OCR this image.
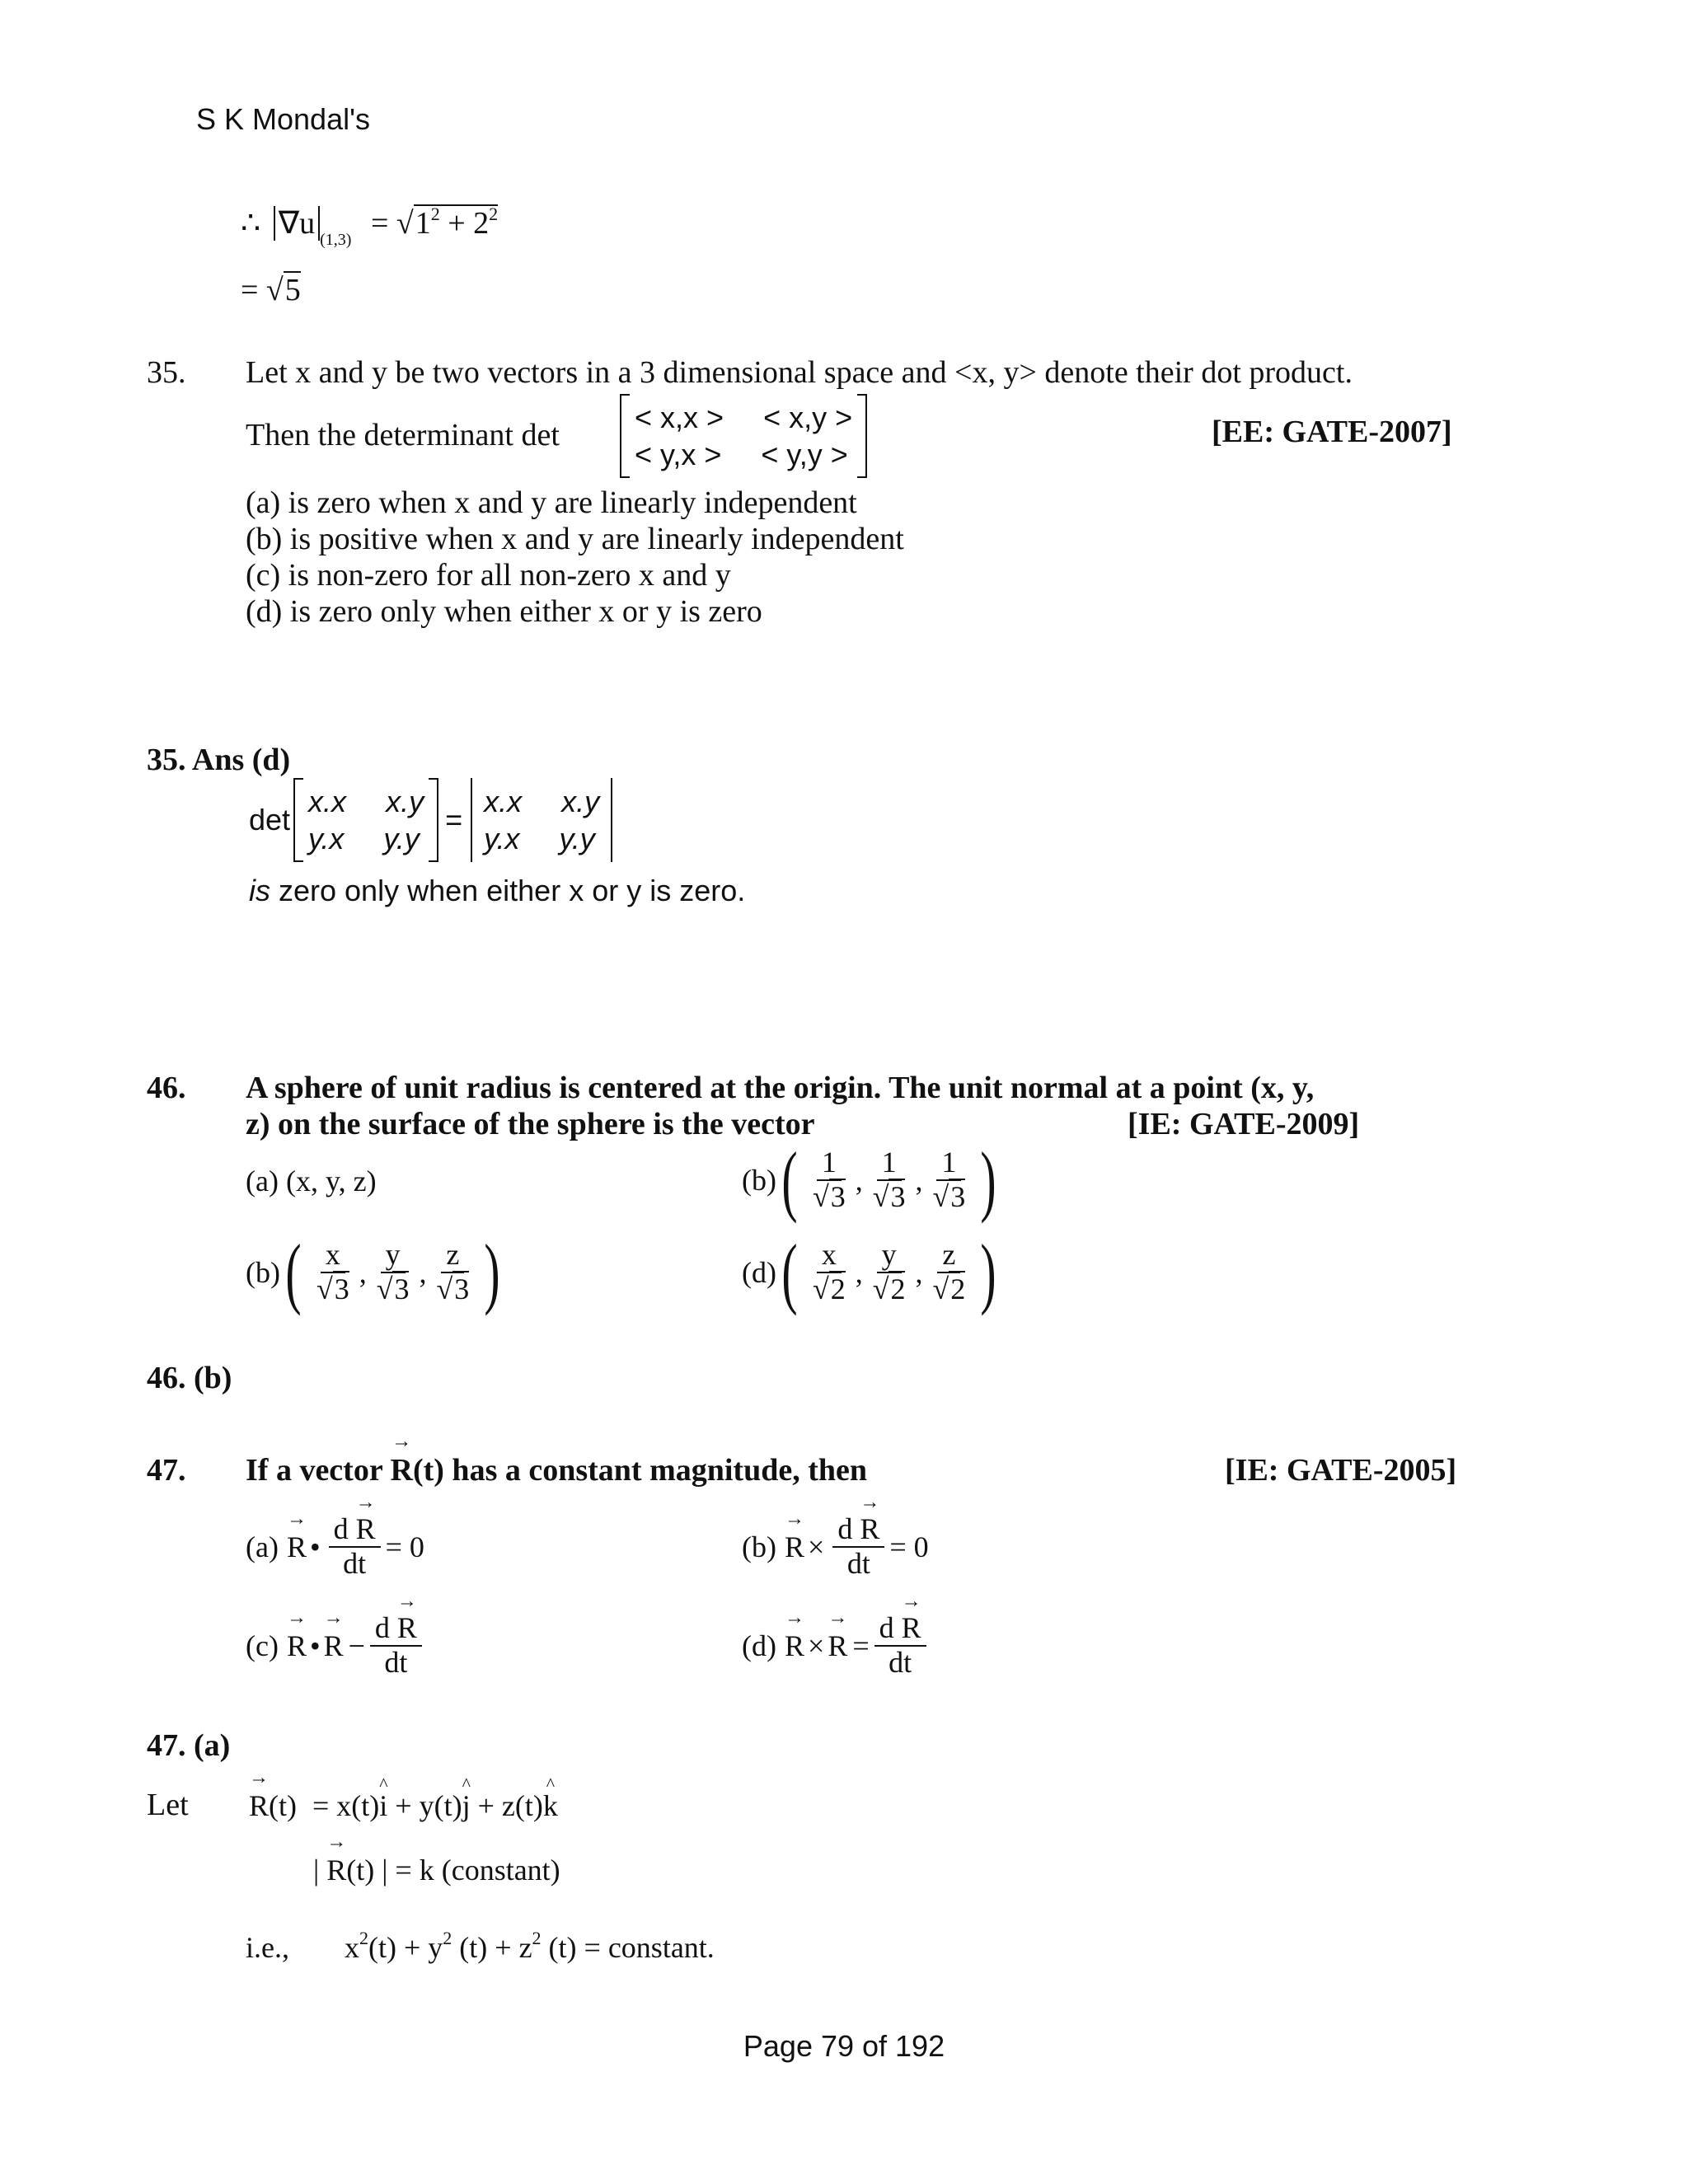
S K Mondal's
∴ ∇u $_{(1,3)} = √1^2 + 2^2$
= √5
35. Let x and y be two vectors in a 3 dimensional space and <x, y> denote their dot product.
Then the determinant det
< x,x > < x,y >
< y,x > < y,y >
[EE: GATE-2007]
(a) is zero when x and y are linearly independent
(b) is positive when x and y are linearly independent
(c) is non-zero for all non-zero x and y
(d) is zero only when either x or y is zero
35. Ans (d)
det
x.x x.y
y.x y.y
=
x.x x.y
y.x y.y
is zero only when either x or y is zero.
46. A sphere of unit radius is centered at the origin. The unit normal at a point (x, y,
z) on the surface of the sphere is the vector	[IE: GATE-2009]
(a) (x, y, z)	(b) ( $\frac{1}{√3}$ , $\frac{1}{√3}$ , $\frac{1}{√3}$ )
(b) ( $\frac{x}{√3}$ , $\frac{y}{√3}$ , $\frac{z}{√3}$ )	(d) ( $\frac{x}{√2}$ , $\frac{y}{√2}$ , $\frac{z}{√2}$ )
46. (b)
47. If a vector → R(t) has a constant magnitude, then	[IE: GATE-2005]
(a)
→ R • $\frac{d \to R}{dt} = 0$	(b)
→ $R \times \frac{d \to R}{dt} = 0$
(c)
→ R •
→ $R - \frac{d \to R}{dt}$	(d)
→ R ×
→ $R = \frac{d \to R}{dt}$
47. (a)
Let
→ R(t) = x(t)^ i + y(t)^ j + z(t)^ k
| → R(t) | = k (constant)
i.e., $x^2(t) + y^2$ $(t) + z^2$ (t) = constant.
Page 79 of 192
